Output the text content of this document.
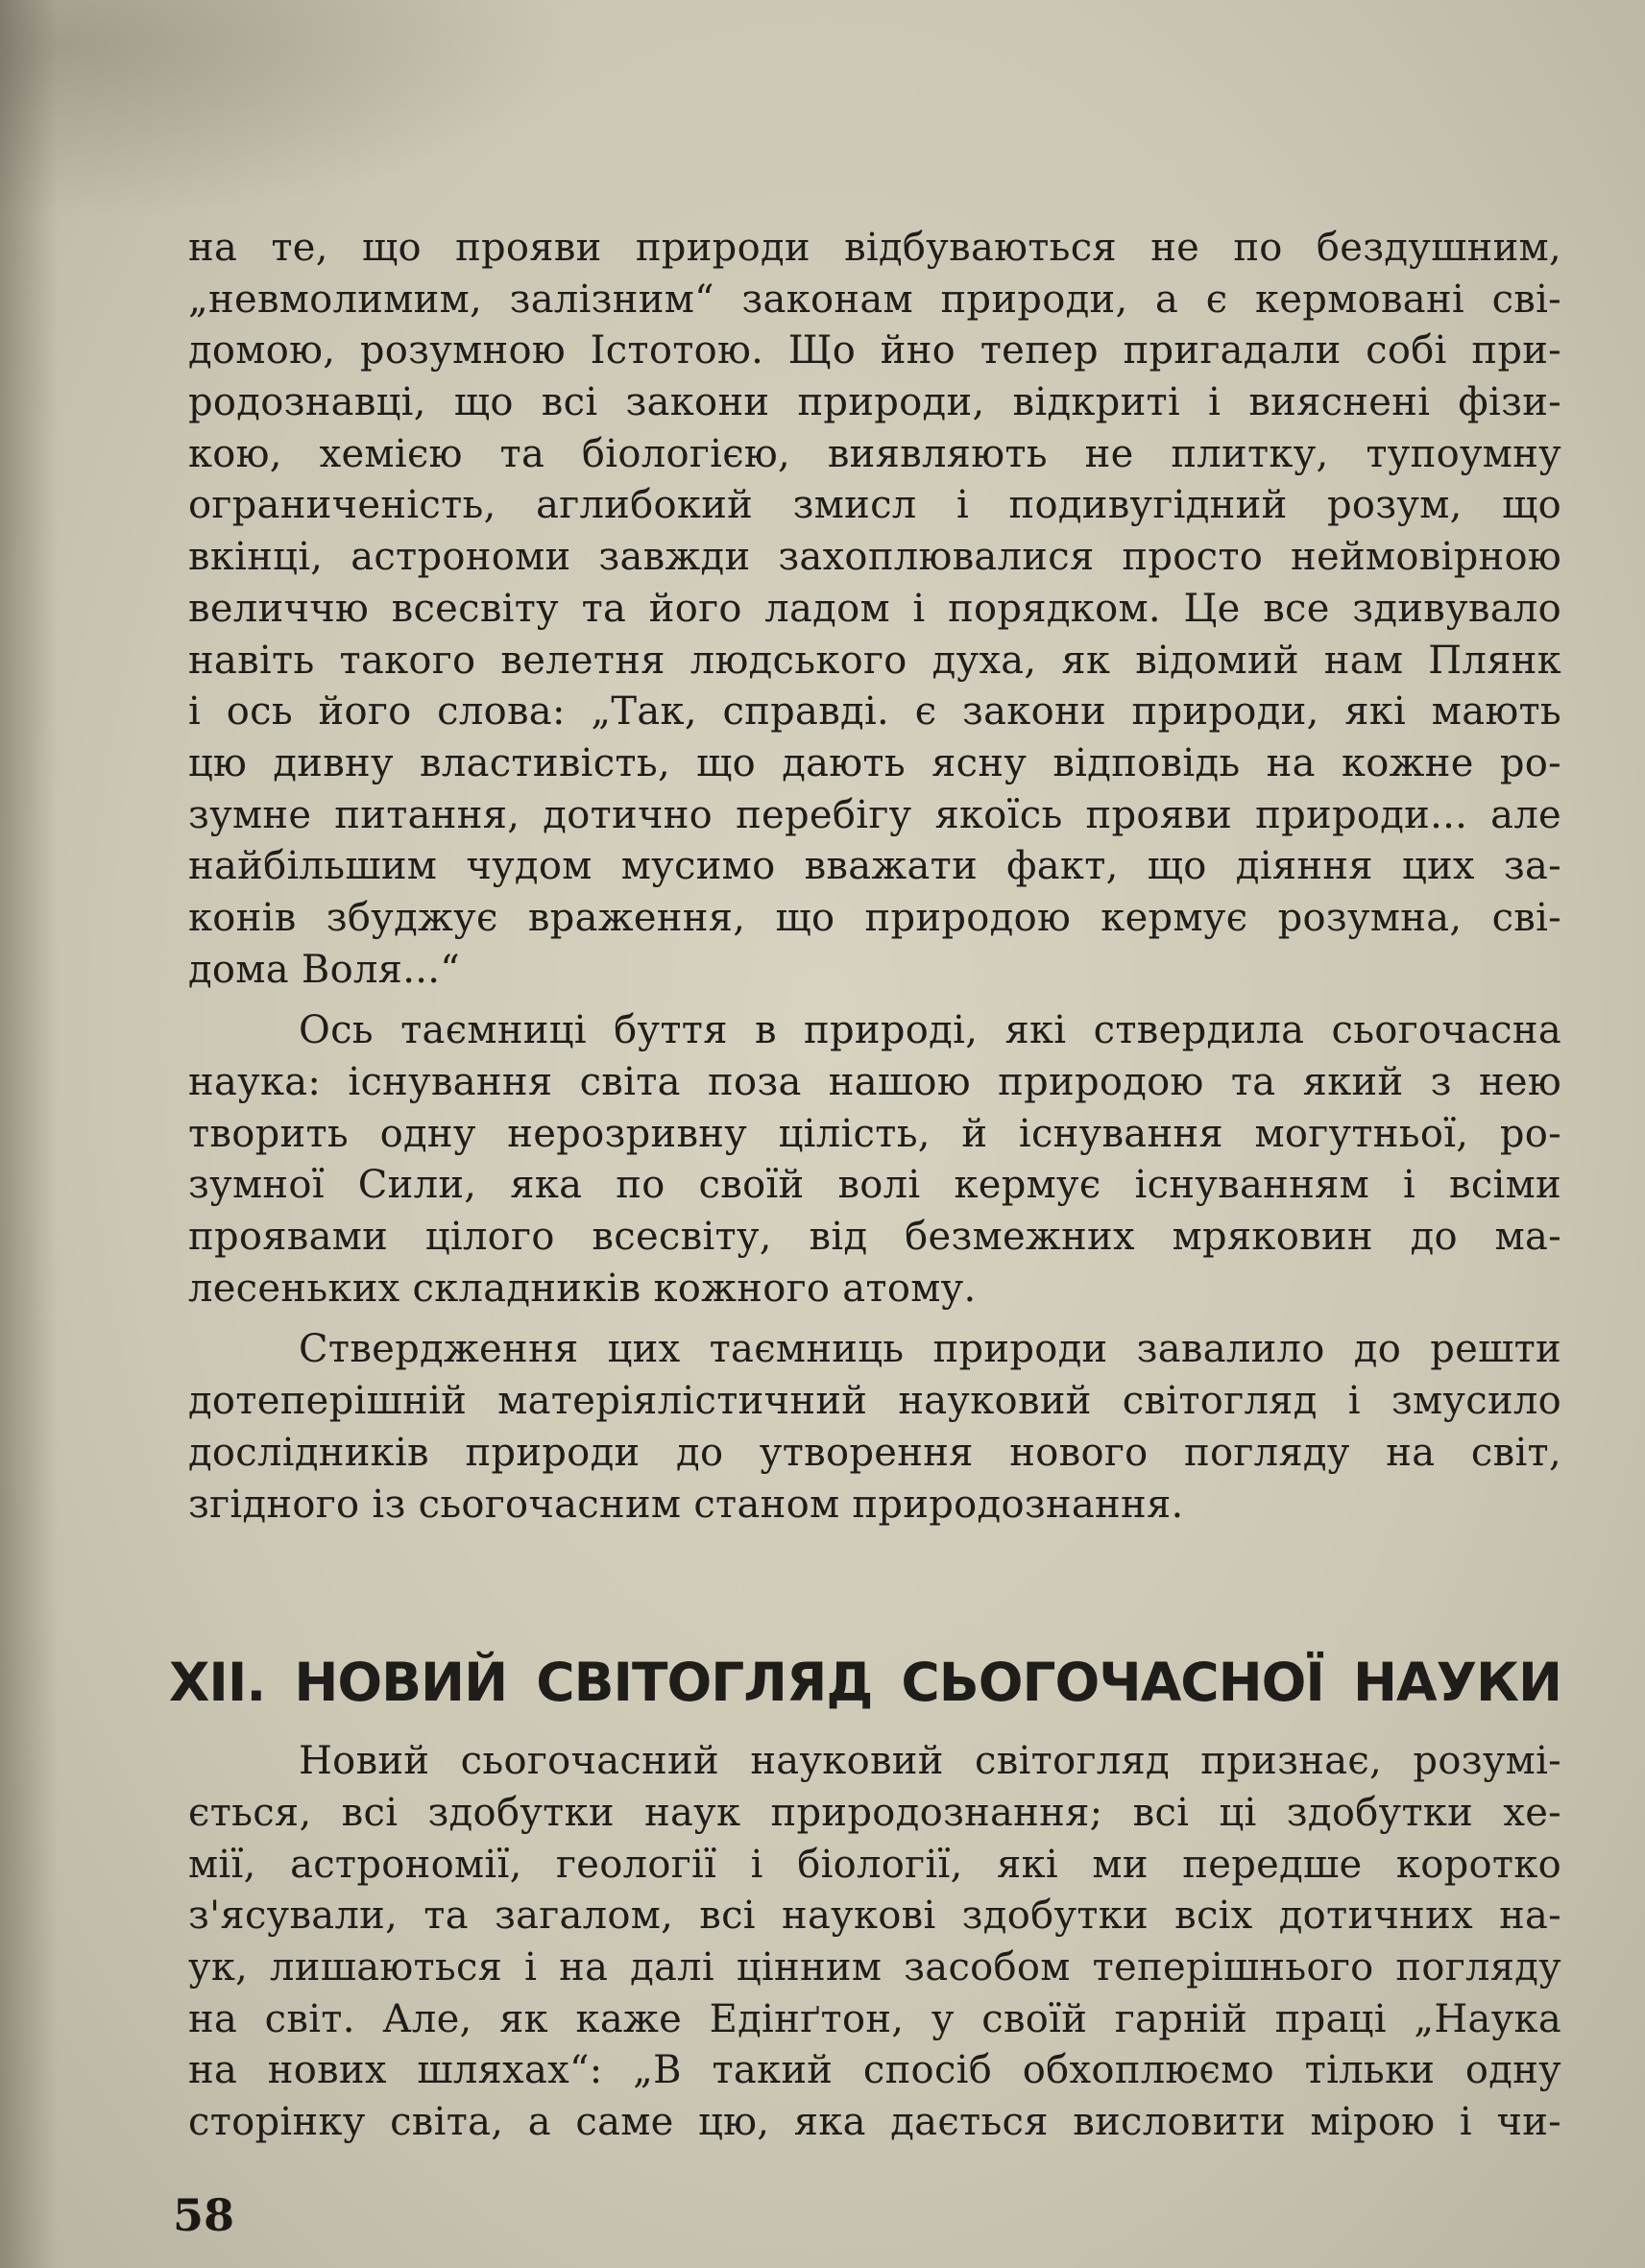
на те, що прояви природи відбуваються не по бездушним,
„невмолимим, залізним“ законам природи, а є кермовані сві-
домою, розумною Істотою. Що йно тепер пригадали собі при-
родознавці, що всі закони природи, відкриті і вияснені фізи-
кою, хемією та біологією, виявляють не плитку, тупоумну
ограниченість, аглибокий змисл і подивугідний розум, що
вкінці, астрономи завжди захоплювалися просто неймовірною
величчю всесвіту та його ладом і порядком. Це все здивувало
навіть такого велетня людського духа, як відомий нам Плянк
і ось його слова: „Так, справді. є закони природи, які мають
цю дивну властивість, що дають ясну відповідь на кожне ро-
зумне питання, дотично перебігу якоїсь прояви природи... але
найбільшим чудом мусимо вважати факт, що діяння цих за-
конів збуджує враження, що природою кермує розумна, сві-
дома Воля...“
Ось таємниці буття в природі, які ствердила сьогочасна
наука: існування світа поза нашою природою та який з нею
творить одну нерозривну цілість, й існування могутньої, ро-
зумної Сили, яка по своїй волі кермує існуванням і всіми
проявами цілого всесвіту, від безмежних мряковин до ма-
лесеньких складників кожного атому.
Ствердження цих таємниць природи завалило до решти
дотеперішній матеріялістичний науковий світогляд і змусило
дослідників природи до утворення нового погляду на світ,
згідного із сьогочасним станом природознання.
XII. НОВИЙ СВІТОГЛЯД СЬОГОЧАСНОЇ НАУКИ
Новий сьогочасний науковий світогляд признає, розумі-
ється, всі здобутки наук природознання; всі ці здобутки хе-
мії, астрономії, геології і біології, які ми передше коротко
з'ясували, та загалом, всі наукові здобутки всіх дотичних на-
ук, лишаються і на далі цінним засобом теперішнього погляду
на світ. Але, як каже Едінґтон, у своїй гарній праці „Наука
на нових шляхах“: „В такий спосіб обхоплюємо тільки одну
сторінку світа, а саме цю, яка дається висловити мірою і чи-
58
